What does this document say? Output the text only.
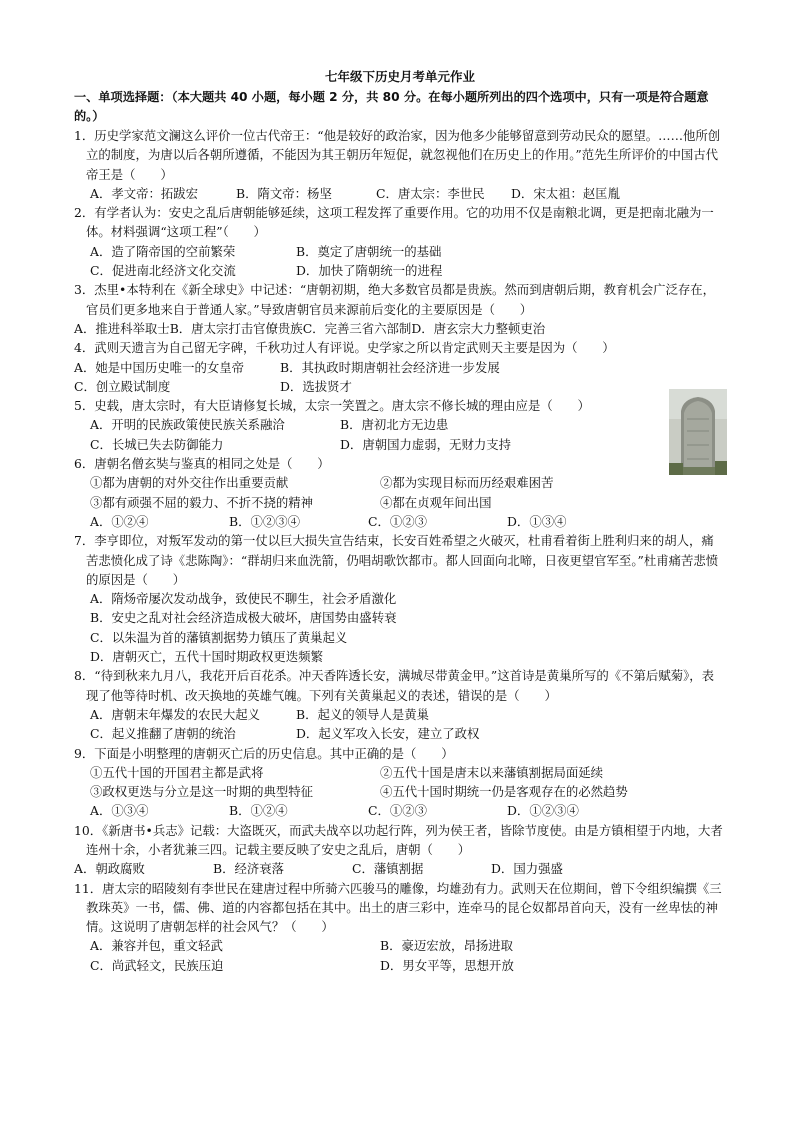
七年级下历史月考单元作业
一、单项选择题：（本大题共 40 小题，每小题 2 分，共 80 分。在每小题所列出的四个选项中，只有一项是符合题意的。）
1．历史学家范文澜这么评价一位古代帝王：“他是较好的政治家，因为他多少能够留意到劳动民众的愿望。……他所创立的制度，为唐以后各朝所遵循，不能因为其王朝历年短促，就忽视他们在历史上的作用。”范先生所评价的中国古代帝王是（　　）
A．孝文帝：拓跋宏	B．隋文帝：杨坚	C．唐太宗：李世民	D．宋太祖：赵匡胤
2．有学者认为：安史之乱后唐朝能够延续，这项工程发挥了重要作用。它的功用不仅是南粮北调，更是把南北融为一体。材料强调“这项工程”（　　）
A．造了隋帝国的空前繁荣	B．奠定了唐朝统一的基础
C．促进南北经济文化交流	D．加快了隋朝统一的进程
3．杰里•本特利在《新全球史》中记述：“唐朝初期，绝大多数官员都是贵族。然而到唐朝后期，教育机会广泛存在，官员们更多地来自于普通人家。”导致唐朝官员来源前后变化的主要原因是（　　）
A．推进科举取士B．唐太宗打击官僚贵族C．完善三省六部制D．唐玄宗大力整顿吏治
4．武则天遗言为自己留无字碑，千秋功过人有评说。史学家之所以肯定武则天主要是因为（　　）
A．她是中国历史唯一的女皇帝	B．其执政时期唐朝社会经济进一步发展
C．创立殿试制度	D．选拔贤才
5．史载，唐太宗时，有大臣请修复长城，太宗一笑置之。唐太宗不修长城的理由应是（　　）
A．开明的民族政策使民族关系融洽	B．唐初北方无边患
C．长城已失去防御能力	D．唐朝国力虚弱，无财力支持
6．唐朝名僧玄奘与鉴真的相同之处是（　　）
①都为唐朝的对外交往作出重要贡献	②都为实现目标而历经艰难困苦
③都有顽强不屈的毅力、不折不挠的精神	④都在贞观年间出国
A．①②④	B．①②③④	C．①②③	D．①③④
7．李亨即位，对叛军发动的第一仗以巨大损失宣告结束，长安百姓希望之火破灭，杜甫看着街上胜利归来的胡人，痛苦悲愤化成了诗《悲陈陶》：“群胡归来血洗箭，仍唱胡歌饮都市。都人回面向北啼，日夜更望官军至。”杜甫痛苦悲愤的原因是（　　）
A．隋炀帝屡次发动战争，致使民不聊生，社会矛盾激化
B．安史之乱对社会经济造成极大破坏，唐国势由盛转衰
C．以朱温为首的藩镇割据势力镇压了黄巢起义
D．唐朝灭亡，五代十国时期政权更迭频繁
8．“待到秋来九月八，我花开后百花杀。冲天香阵透长安，满城尽带黄金甲。”这首诗是黄巢所写的《不第后赋菊》，表现了他等待时机、改天换地的英雄气魄。下列有关黄巢起义的表述，错误的是（　　）
A．唐朝末年爆发的农民大起义	B．起义的领导人是黄巢
C．起义推翻了唐朝的统治	D．起义军攻入长安，建立了政权
9．下面是小明整理的唐朝灭亡后的历史信息。其中正确的是（　　）
①五代十国的开国君主都是武将	②五代十国是唐末以来藩镇割据局面延续
③政权更迭与分立是这一时期的典型特征	④五代十国时期统一仍是客观存在的必然趋势
A．①③④	B．①②④	C．①②③	D．①②③④
10．《新唐书•兵志》记载：大盗既灭，而武夫战卒以功起行阵，列为侯王者，皆除节度使。由是方镇相望于内地，大者连州十余，小者犹兼三四。记载主要反映了安史之乱后，唐朝（　　）
A．朝政腐败	B．经济衰落	C．藩镇割据	D．国力强盛
11．唐太宗的昭陵刻有李世民在建唐过程中所骑六匹骏马的雕像，均雄劲有力。武则天在位期间，曾下令组织编撰《三教珠英》一书，儒、佛、道的内容都包括在其中。出土的唐三彩中，连牵马的昆仑奴都昂首向天，没有一丝卑怯的神情。这说明了唐朝怎样的社会风气？（　　）
A．兼容并包，重文轻武	B．豪迈宏放，昂扬进取
C．尚武轻文，民族压迫	D．男女平等，思想开放
